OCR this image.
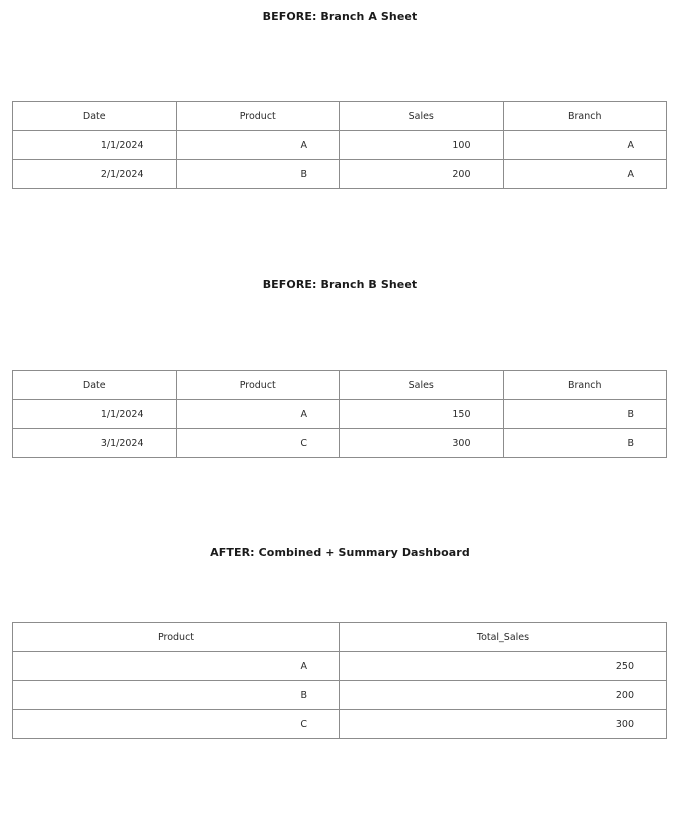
BEFORE: Branch A Sheet
Date	Product	Sales	Branch
1/1/2024	A	100	A
2/1/2024	B	200	A
BEFORE: Branch B Sheet
Date	Product	Sales	Branch
1/1/2024	A	150	B
3/1/2024	C	300	B
AFTER: Combined + Summary Dashboard
Product	Total_Sales
A	250
B	200
C	300
